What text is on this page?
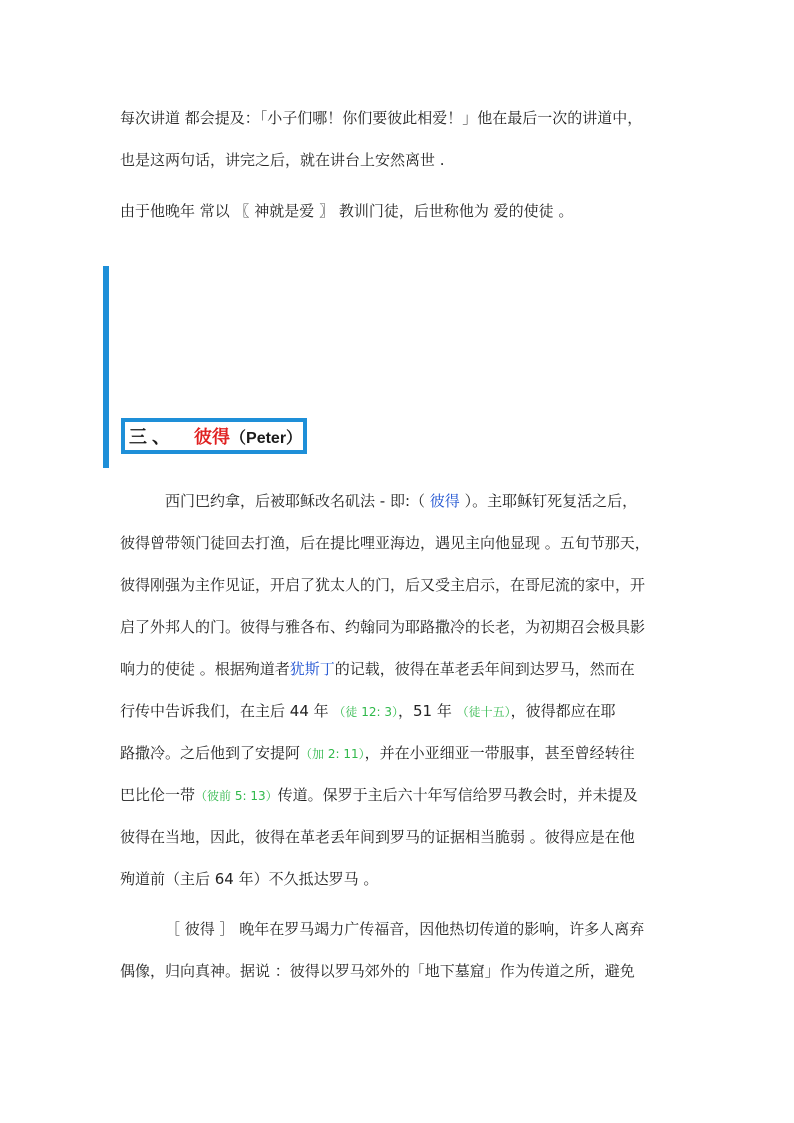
每次讲道 都会提及：「小子们哪！你们要彼此相爱！」他在最后一次的讲道中，
也是这两句话，讲完之后，就在讲台上安然离世 .
由于他晚年 常以 〖 神就是爱 〗 教训门徒，后世称他为 爱的使徒 。
三 、 彼得 （Peter）
西门巴约拿，后被耶稣改名矶法 - 即:（ 彼得 ）。主耶稣钉死复活之后，
彼得曾带领门徒回去打渔，后在提比哩亚海边，遇见主向他显现 。五旬节那天，
彼得刚强为主作见证，开启了犹太人的门，后又受主启示，在哥尼流的家中，开
启了外邦人的门。彼得与雅各布、约翰同为耶路撒冷的长老，为初期召会极具影
响力的使徒 。根据殉道者犹斯丁的记载，彼得在革老丢年间到达罗马，然而在
行传中告诉我们，在主后 44 年 （徒 12: 3），51 年 （徒十五），彼得都应在耶
路撒冷。之后他到了安提阿（加 2: 11），并在小亚细亚一带服事，甚至曾经转往
巴比伦一带（彼前 5: 13）传道。保罗于主后六十年写信给罗马教会时，并未提及
彼得在当地，因此，彼得在革老丢年间到罗马的证据相当脆弱 。彼得应是在他
殉道前（主后 64 年）不久抵达罗马 。
［ 彼得 ］ 晚年在罗马竭力广传福音，因他热切传道的影响，许多人离弃
偶像，归向真神。据说 ：彼得以罗马郊外的「地下墓窟」作为传道之所，避免
